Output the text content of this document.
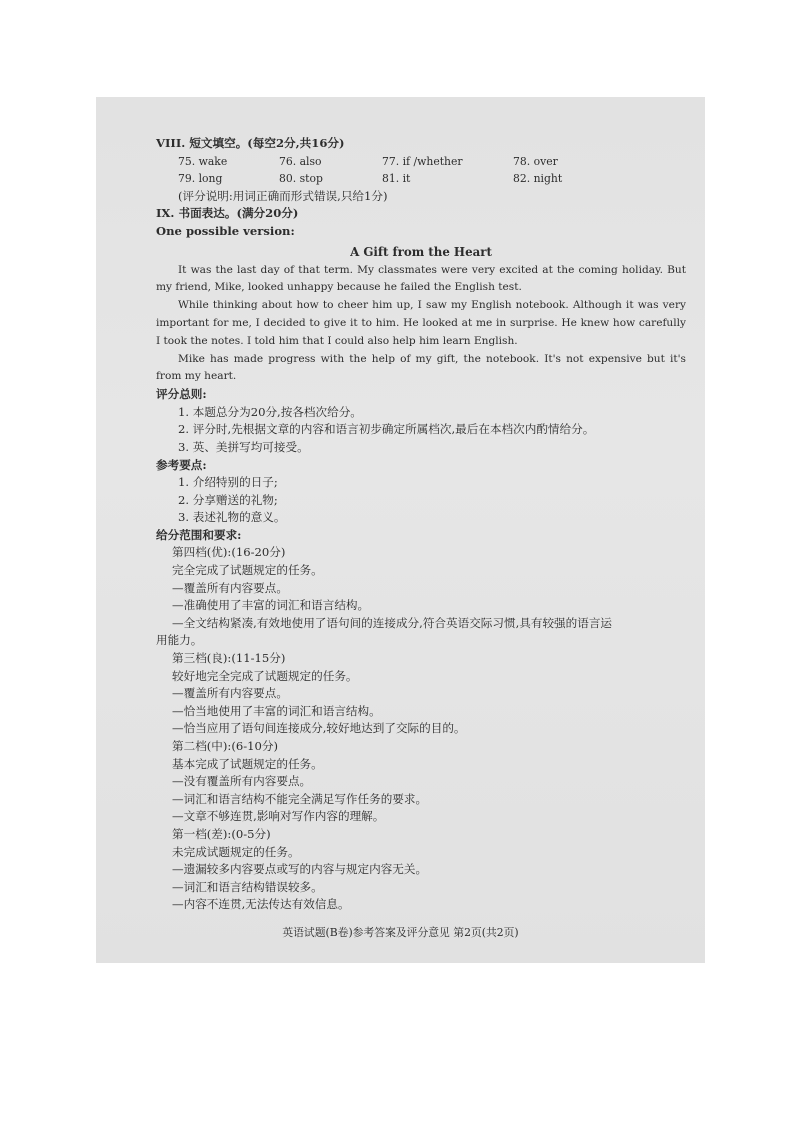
VIII. 短文填空。(每空2分,共16分)
75. wake	76. also	77. if /whether	78. over
79. long	80. stop	81. it	82. night
(评分说明:用词正确而形式错误,只给1分)
IX. 书面表达。(满分20分)
One possible version:
A Gift from the Heart
It was the last day of that term. My classmates were very excited at the coming holiday. But my friend, Mike, looked unhappy because he failed the English test.
While thinking about how to cheer him up, I saw my English notebook. Although it was very important for me, I decided to give it to him. He looked at me in surprise. He knew how carefully I took the notes. I told him that I could also help him learn English.
Mike has made progress with the help of my gift, the notebook. It's not expensive but it's from my heart.
评分总则:
1. 本题总分为20分,按各档次给分。
2. 评分时,先根据文章的内容和语言初步确定所属档次,最后在本档次内酌情给分。
3. 英、美拼写均可接受。
参考要点:
1. 介绍特别的日子;
2. 分享赠送的礼物;
3. 表述礼物的意义。
给分范围和要求:
第四档(优):(16-20分)
完全完成了试题规定的任务。
—覆盖所有内容要点。
—准确使用了丰富的词汇和语言结构。
—全文结构紧凑,有效地使用了语句间的连接成分,符合英语交际习惯,具有较强的语言运
用能力。
第三档(良):(11-15分)
较好地完全完成了试题规定的任务。
—覆盖所有内容要点。
—恰当地使用了丰富的词汇和语言结构。
—恰当应用了语句间连接成分,较好地达到了交际的目的。
第二档(中):(6-10分)
基本完成了试题规定的任务。
—没有覆盖所有内容要点。
—词汇和语言结构不能完全满足写作任务的要求。
—文章不够连贯,影响对写作内容的理解。
第一档(差):(0-5分)
未完成试题规定的任务。
—遗漏较多内容要点或写的内容与规定内容无关。
—词汇和语言结构错误较多。
—内容不连贯,无法传达有效信息。
英语试题(B卷)参考答案及评分意见 第2页(共2页)
